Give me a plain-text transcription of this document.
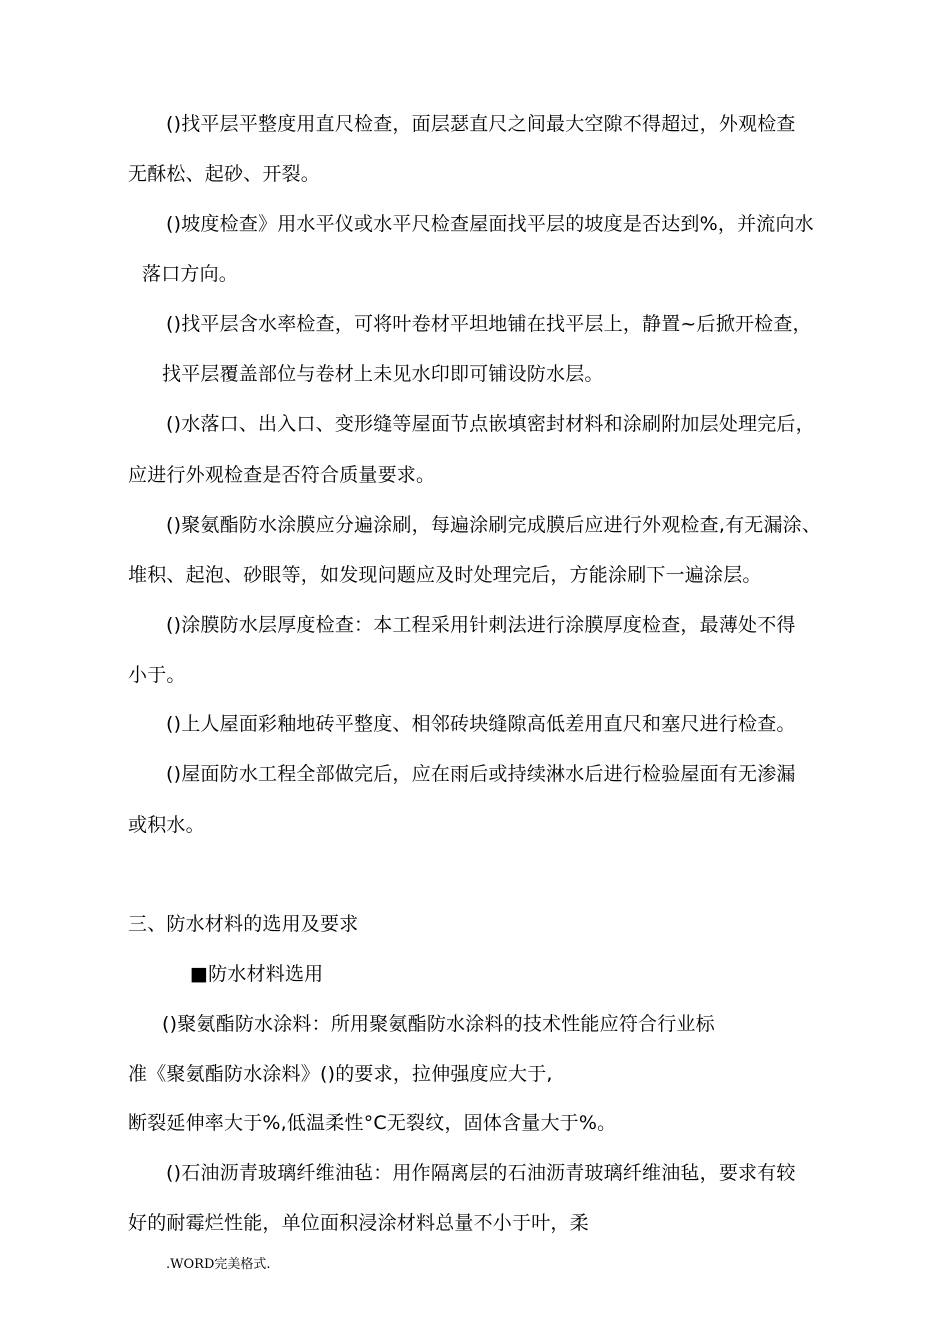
()找平层平整度用直尺检查，面层瑟直尺之间最大空隙不得超过，外观检查
无酥松、起砂、开裂。
()坡度检查》用水平仪或水平尺检查屋面找平层的坡度是否达到%，并流向水
落口方向。
()找平层含水率检查，可将叶卷材平坦地铺在找平层上，静置~后掀开检查，
找平层覆盖部位与卷材上未见水印即可铺设防水层。
()水落口、出入口、变形缝等屋面节点嵌填密封材料和涂刷附加层处理完后，
应进行外观检查是否符合质量要求。
()聚氨酯防水涂膜应分遍涂刷，每遍涂刷完成膜后应进行外观检查,有无漏涂、
堆积、起泡、砂眼等，如发现问题应及时处理完后，方能涂刷下一遍涂层。
()涂膜防水层厚度检查：本工程采用针刺法进行涂膜厚度检查，最薄处不得
小于。
()上人屋面彩釉地砖平整度、相邻砖块缝隙高低差用直尺和塞尺进行检查。
()屋面防水工程全部做完后，应在雨后或持续淋水后进行检验屋面有无渗漏
或积水。
三、防水材料的选用及要求
■防水材料选用
()聚氨酯防水涂料：所用聚氨酯防水涂料的技术性能应符合行业标
准《聚氨酯防水涂料》()的要求，拉伸强度应大于,
断裂延伸率大于%,低温柔性°C无裂纹，固体含量大于%。
()石油沥青玻璃纤维油毡：用作隔离层的石油沥青玻璃纤维油毡，要求有较
好的耐霉烂性能，单位面积浸涂材料总量不小于叶，柔
.WORD完美格式.
